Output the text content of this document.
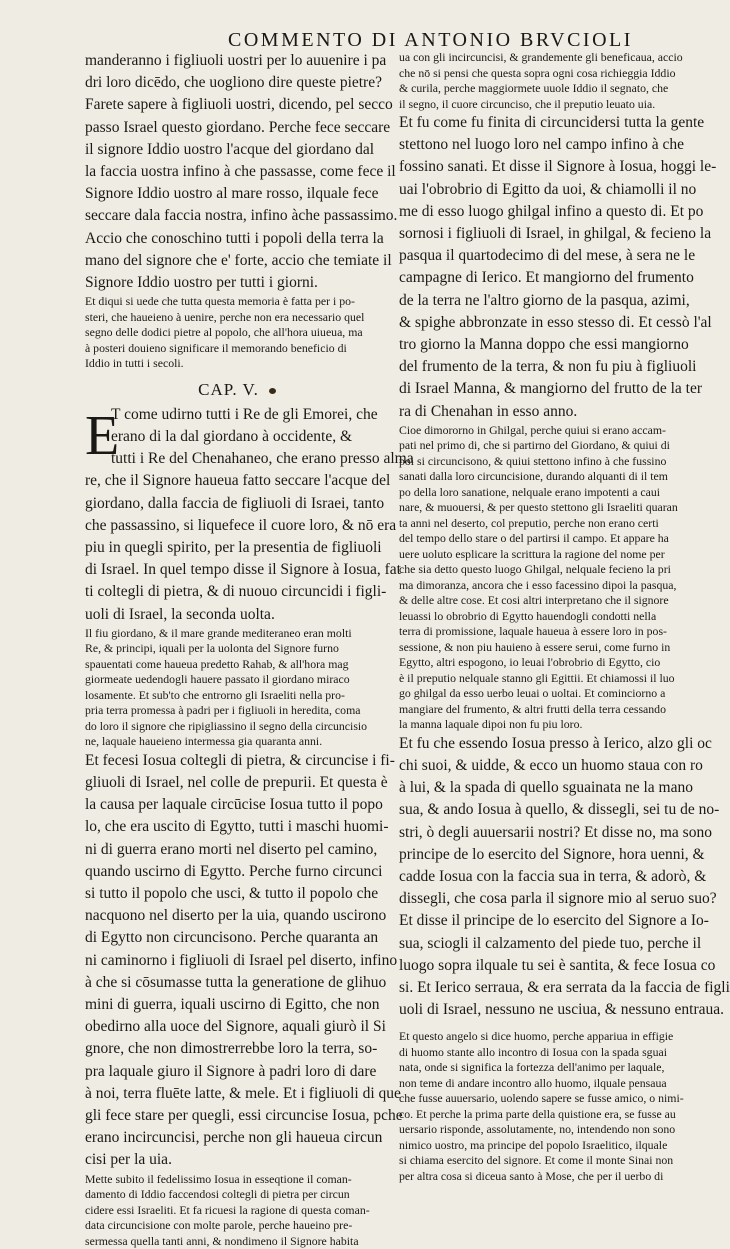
COMMENTO DI ANTONIO BRVCIOLI

manderanno i figliuoli uostri per lo auuenire i pa

dri loro dicēdo, che uogliono dire queste pietre?

Farete sapere à figliuoli uostri, dicendo, pel secco

passo Israel questo giordano. Perche fece seccare

il signore Iddio uostro l'acque del giordano dal

la faccia uostra infino à che passasse, come fece il

Signore Iddio uostro al mare rosso, ilquale fece

seccare dala faccia nostra, infino àche passassimo.

Accio che conoschino tutti i popoli della terra la

mano del signore che e' forte, accio che temiate il

Signore Iddio uostro per tutti i giorni.

Et diqui si uede che tutta questa memoria è fatta per i po-

steri, che haueieno à uenire, perche non era necessario quel

segno delle dodici pietre al popolo, che all'hora uiueua, ma

à posteri douieno significare il memorando beneficio di

Iddio in tutti i secoli.

CAP. V.
E

T come udirno tutti i Re de gli Emorei, che

erano di la dal giordano à occidente, &

tutti i Re del Chenahaneo, che erano presso alma

re, che il Signore haueua fatto seccare l'acque del

giordano, dalla faccia de figliuoli di Israei, tanto

che passassino, si liquefece il cuore loro, & nō era

piu in quegli spirito, per la presentia de figliuoli

di Israel. In quel tempo disse il Signore à Iosua, fat

ti coltegli di pietra, & di nuouo circuncidi i figli-

uoli di Israel, la seconda uolta.

Il fiu giordano, & il mare grande mediteraneo eran molti

Re, & principi, iquali per la uolonta del Signore furno

spauentati come haueua predetto Rahab, & all'hora mag

giormeate uedendogli hauere passato il giordano miraco

losamente. Et sub'to che entrorno gli Israeliti nella pro-

pria terra promessa à padri per i figliuoli in heredita, coma

do loro il signore che ripigliassino il segno della circuncisio

ne, laquale haueieno intermessa gia quaranta anni.

Et fecesi Iosua coltegli di pietra, & circuncise i fi-

gliuoli di Israel, nel colle de prepurii. Et questa è

la causa per laquale circūcise Iosua tutto il popo

lo, che era uscito di Egytto, tutti i maschi huomi-

ni di guerra erano morti nel diserto pel camino,

quando uscirno di Egytto. Perche furno circunci

si tutto il popolo che usci, & tutto il popolo che

nacquono nel diserto per la uia, quando uscirono

di Egytto non circuncisono. Perche quaranta an

ni caminorno i figliuoli di Israel pel diserto, infino

à che si cōsumasse tutta la generatione de glihuo

mini di guerra, iquali uscirno di Egitto, che non

obedirno alla uoce del Signore, aquali giurò il Si

gnore, che non dimostrerrebbe loro la terra, so-

pra laquale giuro il Signore à padri loro di dare

à noi, terra fluēte latte, & mele. Et i figliuoli di que

gli fece stare per quegli, essi circuncise Iosua, pche

erano incircuncisi, perche non gli haueua circun

cisi per la uia.

Mette subito il fedelissimo Iosua in esseqtione il coman-

damento di Iddio faccendosi coltegli di pietra per circun

cidere essi Israeliti. Et fa ricuesi la ragione di questa coman-

data circuncisione con molte parole, perche haueino pre-

sermessa quella tanti anni, & nondimeno il Signore habita

ua con gli incircuncisi, & grandemente gli beneficaua, accio

che nō si pensi che questa sopra ogni cosa richieggia Iddio

& curila, perche maggiormete uuole Iddio il segnato, che

il segno, il cuore circunciso, che il preputio leuato uia.

Et fu come fu finita di circuncidersi tutta la gente

stettono nel luogo loro nel campo infino à che

fossino sanati. Et disse il Signore à Iosua, hoggi le-

uai l'obrobrio di Egitto da uoi, & chiamolli il no

me di esso luogo ghilgal infino a questo di. Et po

sornosi i figliuoli di Israel, in ghilgal, & fecieno la

pasqua il quartodecimo di del mese, à sera ne le

campagne di Ierico. Et mangiorno del frumento

de la terra ne l'altro giorno de la pasqua, azimi,

& spighe abbronzate in esso stesso di. Et cessò l'al

tro giorno la Manna doppo che essi mangiorno

del frumento de la terra, & non fu piu à figliuoli

di Israel Manna, & mangiorno del frutto de la ter

ra di Chenahan in esso anno.

Cioe dimororno in Ghilgal, perche quiui si erano accam-

pati nel primo di, che si partirno del Giordano, & quiui di

poi si circuncisono, & quiui stettono infino à che fussino

sanati dalla loro circuncisione, durando alquanti di il tem

po della loro sanatione, nelquale erano impotenti a caui

nare, & muouersi, & per questo stettono gli Israeliti quaran

ta anni nel deserto, col preputio, perche non erano certi

del tempo dello stare o del partirsi il campo. Et appare ha

uere uoluto esplicare la scrittura la ragione del nome per

che sia detto questo luogo Ghilgal, nelquale fecieno la pri

ma dimoranza, ancora che i esso facessino dipoi la pasqua,

& delle altre cose. Et cosi altri interpretano che il signore

leuassi lo obrobrio di Egytto hauendogli condotti nella

terra di promissione, laquale haueua à essere loro in pos-

sessione, & non piu hauieno à essere serui, come furno in

Egytto, altri espogono, io leuai l'obrobrio di Egytto, cio

è il preputio nelquale stanno gli Egittii. Et chiamossi il luo

go ghilgal da esso uerbo leuai o uoltai. Et cominciorno a

mangiare del frumento, & altri frutti della terra cessando

la manna laquale dipoi non fu piu loro.

Et fu che essendo Iosua presso à Ierico, alzo gli oc

chi suoi, & uidde, & ecco un huomo staua con ro

à lui, & la spada di quello sguainata ne la mano

sua, & ando Iosua à quello, & dissegli, sei tu de no-

stri, ò degli auuersarii nostri? Et disse no, ma sono

principe de lo esercito del Signore, hora uenni, &

cadde Iosua con la faccia sua in terra, & adorò, &

dissegli, che cosa parla il signore mio al seruo suo?

Et disse il principe de lo esercito del Signore a Io-

sua, sciogli il calzamento del piede tuo, perche il

luogo sopra ilquale tu sei è santita, & fece Iosua co

si. Et Ierico serraua, & era serrata da la faccia de figli

uoli di Israel, nessuno ne usciua, & nessuno entraua.

Et questo angelo si dice huomo, perche appariua in effigie

di huomo stante allo incontro di Iosua con la spada sguai

nata, onde si significa la fortezza dell'animo per laquale,

non teme di andare incontro allo huomo, ilquale pensaua

che fusse auuersario, uolendo sapere se fusse amico, o nimi-

co. Et perche la prima parte della quistione era, se fusse au

uersario risponde, assolutamente, no, intendendo non sono

nimico uostro, ma principe del popolo Israelitico, ilquale

si chiama esercito del signore. Et come il monte Sinai non

per altra cosa si diceua santo à Mose, che per il uerbo di
